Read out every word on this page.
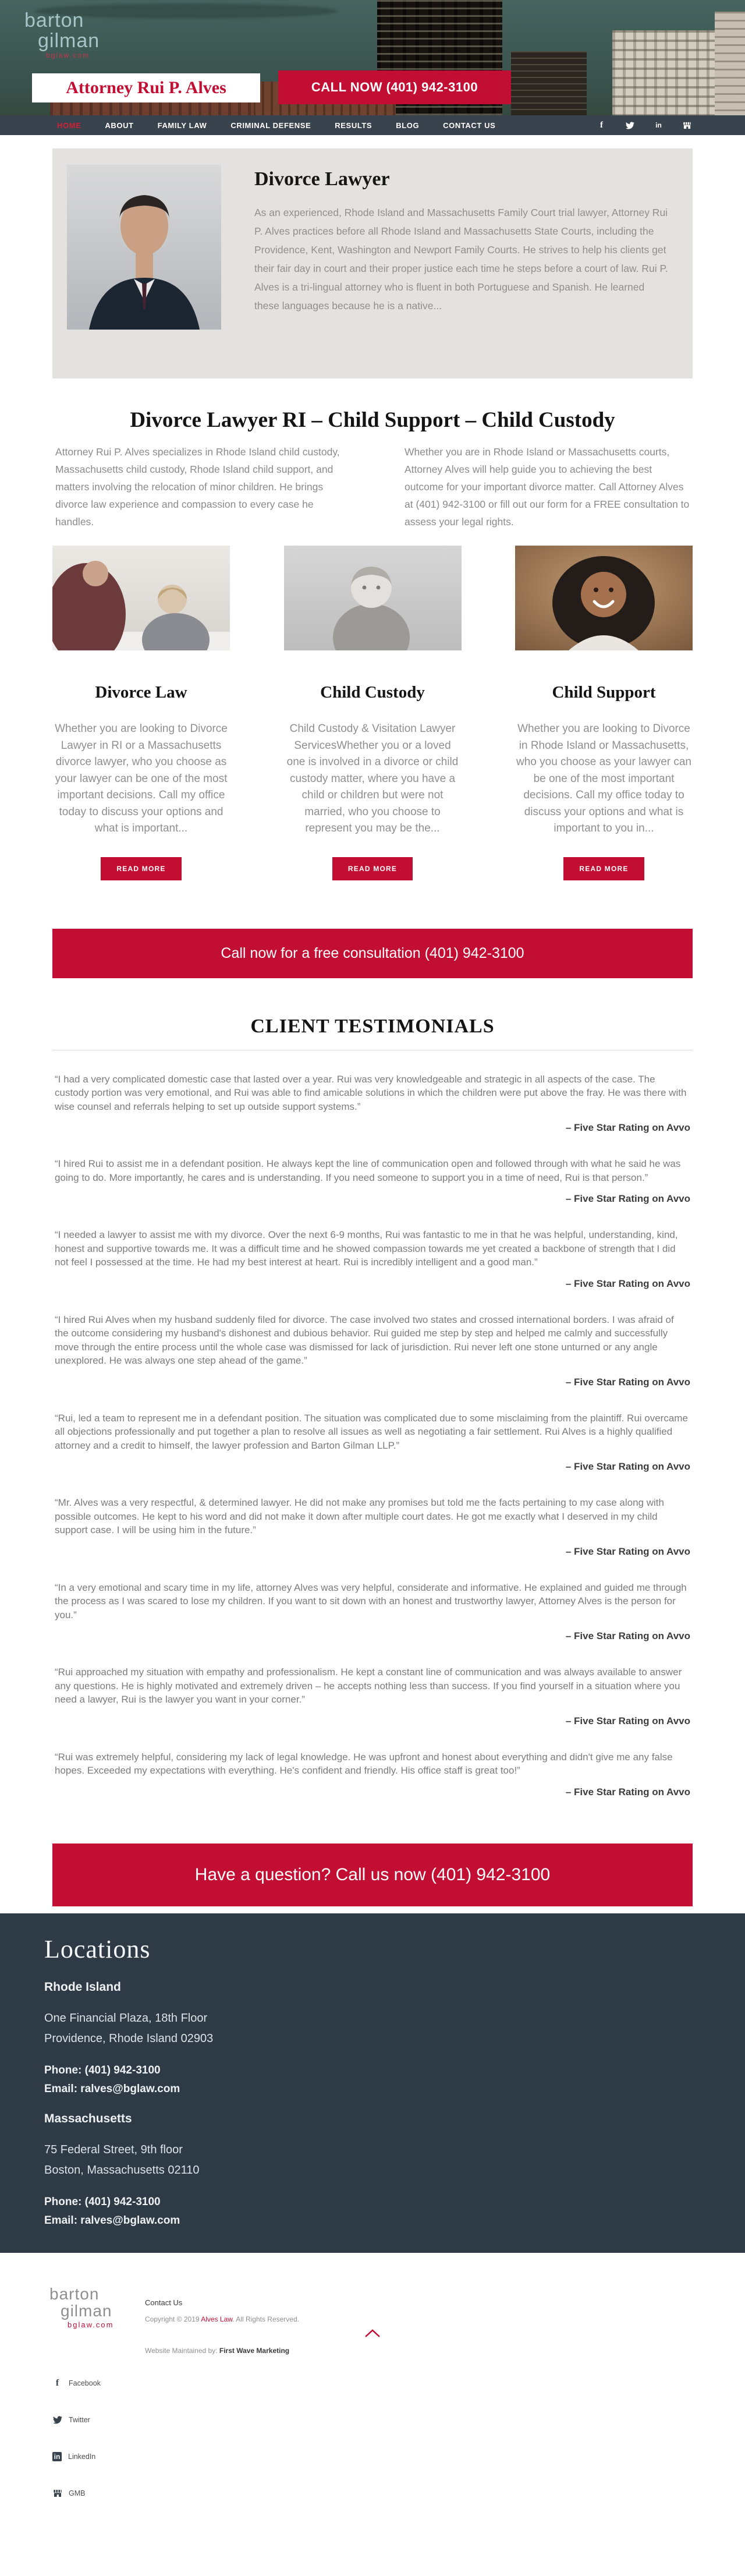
barton
gilman
bglaw.com
Attorney Rui P. Alves	CALL NOW (401) 942-3100
HOME	ABOUT	FAMILY LAW	CRIMINAL DEFENSE	RESULTS	BLOG	CONTACT US	f	in
Divorce Lawyer

As an experienced, Rhode Island and Massachusetts Family Court trial lawyer, Attorney Rui P. Alves practices before all Rhode Island and Massachusetts State Courts, including the Providence, Kent, Washington and Newport Family Courts. He strives to help his clients get their fair day in court and their proper justice each time he steps before a court of law. Rui P. Alves is a tri-lingual attorney who is fluent in both Portuguese and Spanish. He learned these languages because he is a native...

Divorce Lawyer RI – Child Support – Child Custody

Attorney Rui P. Alves specializes in Rhode Island child custody, Massachusetts child custody, Rhode Island child support, and matters involving the relocation of minor children. He brings divorce law experience and compassion to every case he handles.

Whether you are in Rhode Island or Massachusetts courts, Attorney Alves will help guide you to achieving the best outcome for your important divorce matter. Call Attorney Alves at (401) 942-3100 or fill out our form for a FREE consultation to assess your legal rights.

Divorce Law

Whether you are looking to Divorce Lawyer in RI or a Massachusetts divorce lawyer, who you choose as your lawyer can be one of the most important decisions. Call my office today to discuss your options and what is important...

READ MORE
Child Custody

Child Custody & Visitation Lawyer ServicesWhether you or a loved one is involved in a divorce or child custody matter, where you have a child or children but were not married, who you choose to represent you may be the...

READ MORE
Child Support

Whether you are looking to Divorce in Rhode Island or Massachusetts, who you choose as your lawyer can be one of the most important decisions. Call my office today to discuss your options and what is important to you in...

READ MORE
Call now for a free consultation (401) 942-3100
CLIENT TESTIMONIALS

“I had a very complicated domestic case that lasted over a year. Rui was very knowledgeable and strategic in all aspects of the case. The custody portion was very emotional, and Rui was able to find amicable solutions in which the children were put above the fray. He was there with wise counsel and referrals helping to set up outside support systems.”

– Five Star Rating on Avvo

“I hired Rui to assist me in a defendant position. He always kept the line of communication open and followed through with what he said he was going to do. More importantly, he cares and is understanding. If you need someone to support you in a time of need, Rui is that person.”

– Five Star Rating on Avvo

“I needed a lawyer to assist me with my divorce. Over the next 6-9 months, Rui was fantastic to me in that he was helpful, understanding, kind, honest and supportive towards me. It was a difficult time and he showed compassion towards me yet created a backbone of strength that I did not feel I possessed at the time. He had my best interest at heart. Rui is incredibly intelligent and a good man.”

– Five Star Rating on Avvo

“I hired Rui Alves when my husband suddenly filed for divorce. The case involved two states and crossed international borders. I was afraid of the outcome considering my husband's dishonest and dubious behavior. Rui guided me step by step and helped me calmly and successfully move through the entire process until the whole case was dismissed for lack of jurisdiction. Rui never left one stone unturned or any angle unexplored. He was always one step ahead of the game.”

– Five Star Rating on Avvo

“Rui, led a team to represent me in a defendant position. The situation was complicated due to some misclaiming from the plaintiff. Rui overcame all objections professionally and put together a plan to resolve all issues as well as negotiating a fair settlement. Rui Alves is a highly qualified attorney and a credit to himself, the lawyer profession and Barton Gilman LLP.”

– Five Star Rating on Avvo

“Mr. Alves was a very respectful, & determined lawyer. He did not make any promises but told me the facts pertaining to my case along with possible outcomes. He kept to his word and did not make it down after multiple court dates. He got me exactly what I deserved in my child support case. I will be using him in the future.”

– Five Star Rating on Avvo

“In a very emotional and scary time in my life, attorney Alves was very helpful, considerate and informative. He explained and guided me through the process as I was scared to lose my children. If you want to sit down with an honest and trustworthy lawyer, Attorney Alves is the person for you.”

– Five Star Rating on Avvo

“Rui approached my situation with empathy and professionalism. He kept a constant line of communication and was always available to answer any questions. He is highly motivated and extremely driven – he accepts nothing less than success. If you find yourself in a situation where you need a lawyer, Rui is the lawyer you want in your corner.”

– Five Star Rating on Avvo

“Rui was extremely helpful, considering my lack of legal knowledge. He was upfront and honest about everything and didn't give me any false hopes. Exceeded my expectations with everything. He's confident and friendly. His office staff is great too!”

– Five Star Rating on Avvo

Have a question? Call us now (401) 942-3100
Locations
Rhode Island
One Financial Plaza, 18th Floor
Providence, Rhode Island 02903
Phone: (401) 942-3100
Email: ralves@bglaw.com
Massachusetts
75 Federal Street, 9th floor
Boston, Massachusetts 02110
Phone: (401) 942-3100
Email: ralves@bglaw.com
barton
gilman
bglaw.com
Contact Us
Copyright © 2019 Alves Law. All Rights Reserved.
Website Maintained by: First Wave Marketing
f	Facebook
Twitter
in LinkedIn
GMB
